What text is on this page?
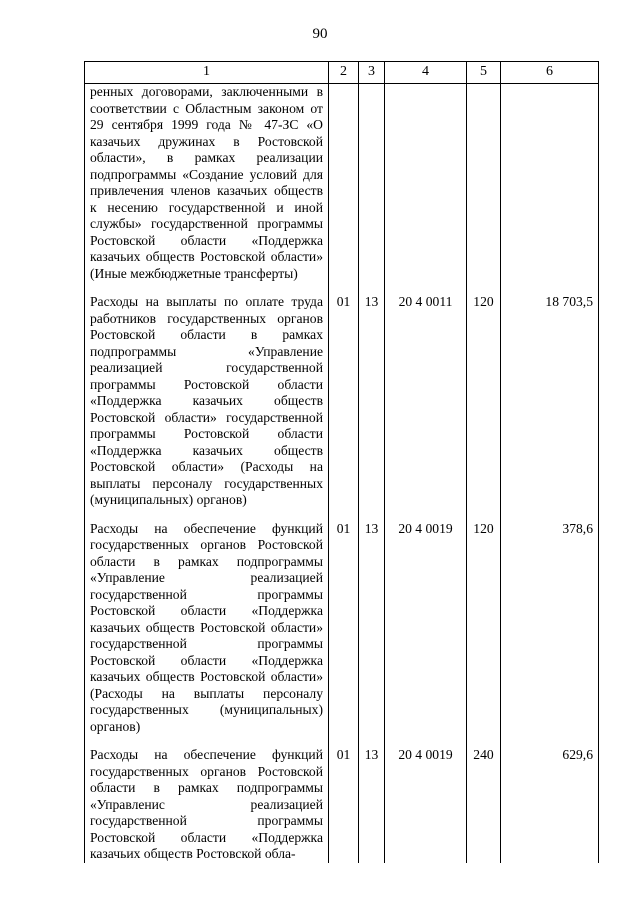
90
1	2	3	4	5	6
ренных договорами, заключенными в соответствии с Областным законом от 29 сентября 1999 года № 47-ЗС «О казачьих дружинах в Ростовской области», в рамках реализации подпрограммы «Создание условий для привлечения членов казачьих обществ к несению государственной и иной службы» государственной программы Ростовской области «Поддержка казачьих обществ Ростовской области» (Иные межбюджетные трансферты)					

Расходы на выплаты по оплате труда работников государственных органов Ростовской области в рамках подпрограммы «Управление реализацией государственной программы Ростовской области «Поддержка казачьих обществ Ростовской области» государственной программы Ростовской области «Поддержка казачьих обществ Ростовской области» (Расходы на выплаты персоналу государственных (муниципальных) органов)	01	13	20 4 0011	120	18 703,5

Расходы на обеспечение функций государственных органов Ростовской области в рамках подпрограммы «Управление реализацией государственной программы Ростовской области «Поддержка казачьих обществ Ростовской области» государственной программы Ростовской области «Поддержка казачьих обществ Ростовской области» (Расходы на выплаты персоналу государственных (муниципальных) органов)	01	13	20 4 0019	120	378,6

Расходы на обеспечение функций государственных органов Ростовской области в рамках подпрограммы «Управленис реализацией государственной программы Ростовской области «Поддержка казачьих обществ Ростовской обла-	01	13	20 4 0019	240	629,6
